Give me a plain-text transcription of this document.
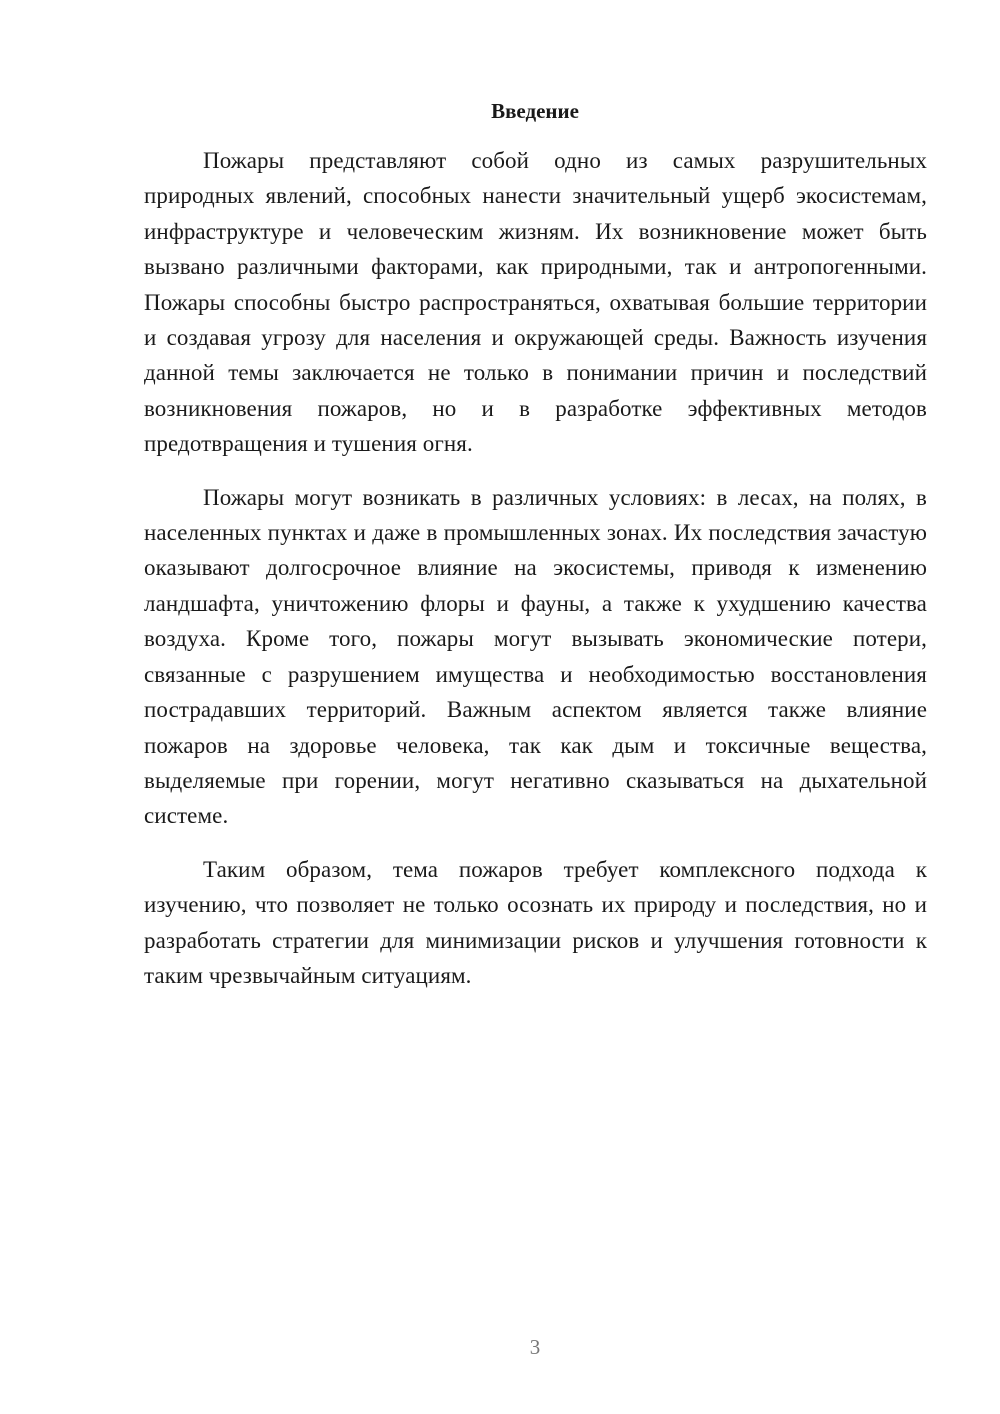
Введение

Пожары представляют собой одно из самых разрушительных природных явлений, способных нанести значительный ущерб экосистемам, инфраструктуре и человеческим жизням. Их возникновение может быть вызвано различными факторами, как природными, так и антропогенными. Пожары способны быстро распространяться, охватывая большие территории и создавая угрозу для населения и окружающей среды. Важность изучения данной темы заключается не только в понимании причин и последствий возникновения пожаров, но и в разработке эффективных методов предотвращения и тушения огня.

Пожары могут возникать в различных условиях: в лесах, на полях, в населенных пунктах и даже в промышленных зонах. Их последствия зачастую оказывают долгосрочное влияние на экосистемы, приводя к изменению ландшафта, уничтожению флоры и фауны, а также к ухудшению качества воздуха. Кроме того, пожары могут вызывать экономические потери, связанные с разрушением имущества и необходимостью восстановления пострадавших территорий. Важным аспектом является также влияние пожаров на здоровье человека, так как дым и токсичные вещества, выделяемые при горении, могут негативно сказываться на дыхательной системе.

Таким образом, тема пожаров требует комплексного подхода к изучению, что позволяет не только осознать их природу и последствия, но и разработать стратегии для минимизации рисков и улучшения готовности к таким чрезвычайным ситуациям.

3
